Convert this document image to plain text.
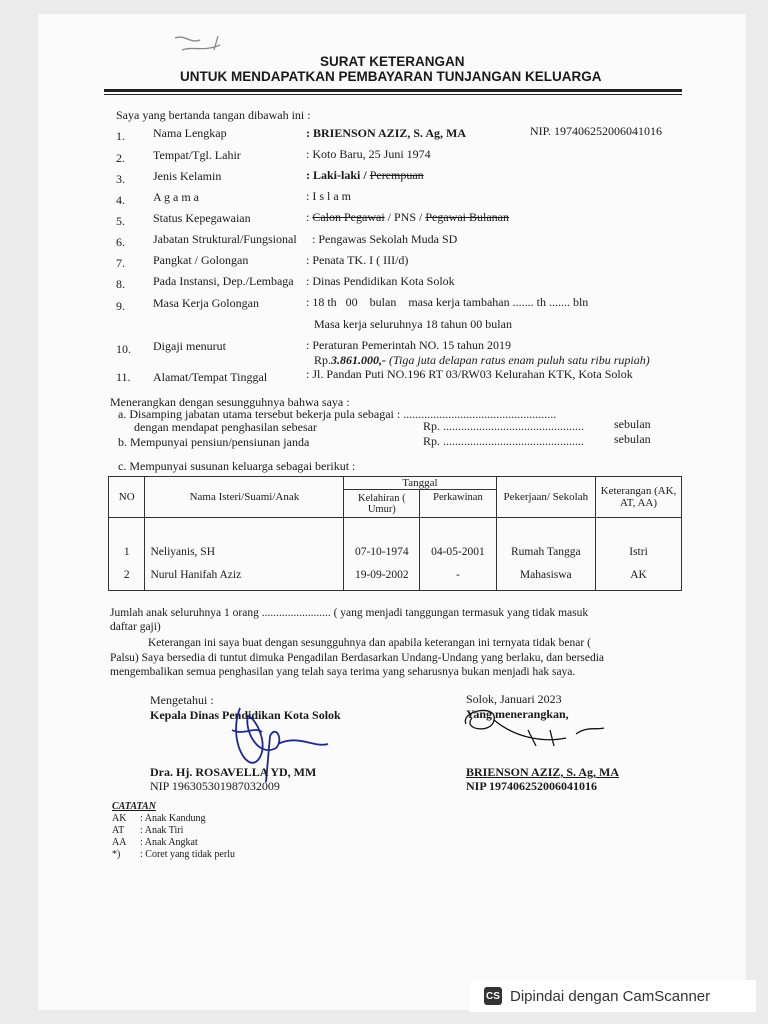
SURAT KETERANGAN
UNTUK MENDAPATKAN PEMBAYARAN TUNJANGAN KELUARGA
Saya yang bertanda tangan dibawah ini :
1. Nama Lengkap	: BRIENSON AZIZ, S. Ag, MA	NIP. 197406252006041016
2. Tempat/Tgl. Lahir	: Koto Baru, 25 Juni 1974
3. Jenis Kelamin	: Laki-laki / Perempuan
4. A g a m a	: I s l a m
5. Status Kepegawaian	: Calon Pegawai / PNS / Pegawai Bulanan
6. Jabatan Struktural/Fungsional : Pengawas Sekolah Muda SD
7. Pangkat / Golongan	: Penata TK. I ( III/d)
8. Pada Instansi, Dep./Lembaga : Dinas Pendidikan Kota Solok
9. Masa Kerja Golongan	: 18 th   00    bulan    masa kerja tambahan ....... th ....... bln
Masa kerja seluruhnya 18 tahun 00 bulan
10. Digaji menurut	: Peraturan Pemerintah NO. 15 tahun 2019
Rp.3.861.000,- (Tiga juta delapan ratus enam puluh satu ribu rupiah)
11. Alamat/Tempat Tinggal	: Jl. Pandan Puti NO.196 RT 03/RW03 Kelurahan KTK, Kota Solok
Menerangkan dengan sesungguhnya bahwa saya :
a. Disamping jabatan utama tersebut bekerja pula sebagai : ...................................................
dengan mendapat penghasilan sebesar	Rp. ............................................... sebulan
b. Mempunyai pensiun/pensiunan janda	Rp. ............................................... sebulan
c. Mempunyai susunan keluarga sebagai berikut :
NO	Nama Isteri/Suami/Anak	Tanggal		Pekerjaan/ Sekolah	Keterangan (AK, AT, AA)
		Kelahiran ( Umur)	Perkawinan		
1	Neliyanis, SH	07-10-1974	04-05-2001	Rumah Tangga	Istri
2	Nurul Hanifah Aziz	19-09-2002	-	Mahasiswa	AK
Jumlah anak seluruhnya 1 orang ........................ ( yang menjadi tanggungan termasuk yang tidak masuk
daftar gaji)
Keterangan ini saya buat dengan sesungguhnya dan apabila keterangan ini ternyata tidak benar (
Palsu) Saya bersedia di tuntut dimuka Pengadilan Berdasarkan Undang-Undang yang berlaku, dan bersedia
mengembalikan semua penghasilan yang telah saya terima yang seharusnya bukan menjadi hak saya.
Mengetahui :
Kepala Dinas Pendidikan Kota Solok
Dra. Hj. ROSAVELLA YD, MM
NIP 196305301987032009
Solok, Januari 2023
Yang menerangkan,
BRIENSON AZIZ, S. Ag, MA
NIP 197406252006041016
CATATAN
AK : Anak Kandung
AT : Anak Tiri
AA : Anak Angkat
*) : Coret yang tidak perlu
CS Dipindai dengan CamScanner
